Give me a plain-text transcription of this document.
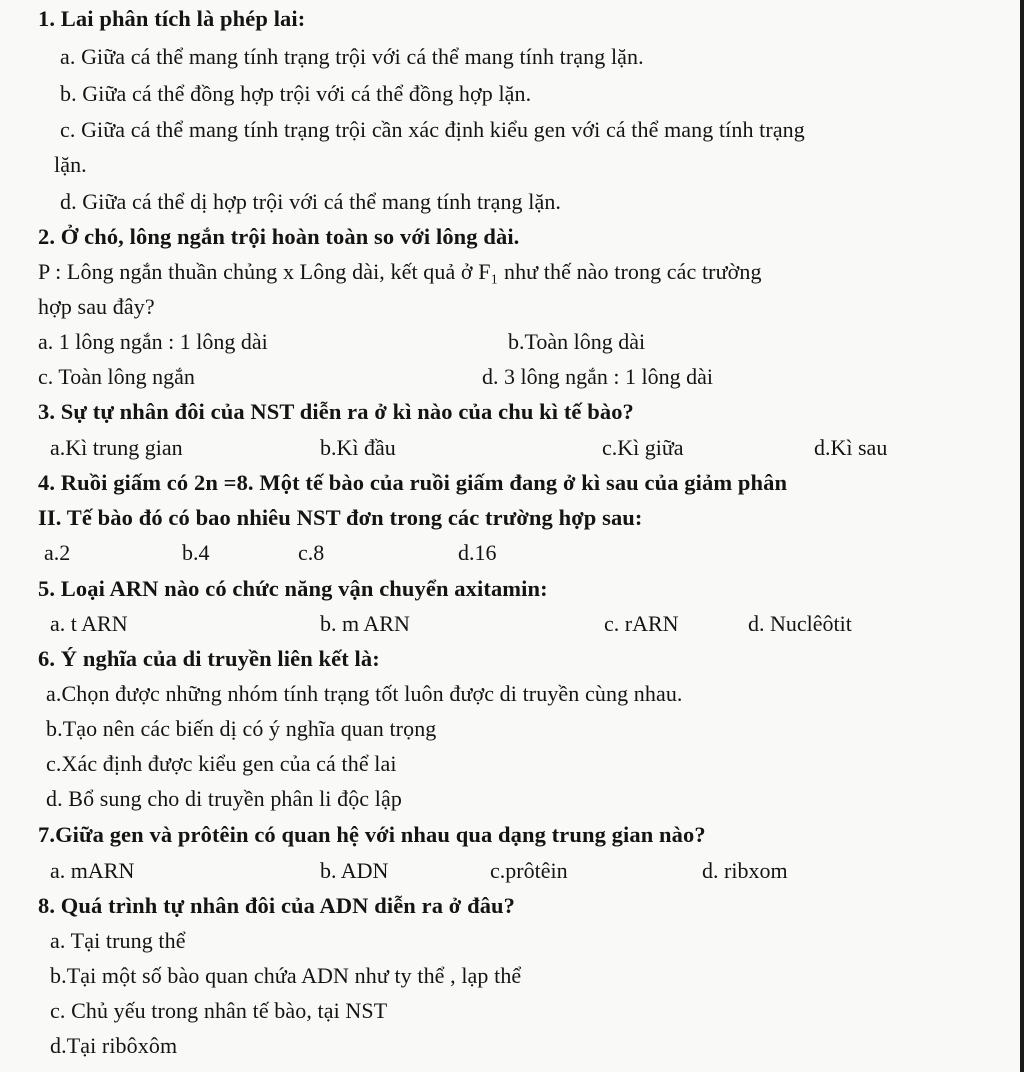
1. Lai phân tích là phép lai:
a. Giữa cá thể mang tính trạng trội với cá thể mang tính trạng lặn.
b. Giữa cá thể đồng hợp trội với cá thể đồng hợp lặn.
c. Giữa cá thể mang tính trạng trội cần xác định kiểu gen với cá thể mang tính trạng
lặn.
d. Giữa cá thể dị hợp trội với cá thể mang tính trạng lặn.
2. Ở chó, lông ngắn trội hoàn toàn so với lông dài.
P : Lông ngắn thuần chủng x Lông dài, kết quả ở F₁ như thế nào trong các trường
hợp sau đây?
a. 1 lông ngắn : 1 lông dài	b.Toàn lông dài
c. Toàn lông ngắn	d. 3 lông ngắn : 1 lông dài
3. Sự tự nhân đôi của NST diễn ra ở kì nào của chu kì tế bào?
a.Kì trung gian	b.Kì đầu	c.Kì giữa	d.Kì sau
4. Ruồi giấm có 2n =8. Một tế bào của ruồi giấm đang ở kì sau của giảm phân
II. Tế bào đó có bao nhiêu NST đơn trong các trường hợp sau:
a.2	b.4	c.8	d.16
5. Loại ARN nào có chức năng vận chuyển axitamin:
a. t ARN	b. m ARN	c. rARN	d. Nuclêôtit
6. Ý nghĩa của di truyền liên kết là:
a.Chọn được những nhóm tính trạng tốt luôn được di truyền cùng nhau.
b.Tạo nên các biến dị có ý nghĩa quan trọng
c.Xác định được kiểu gen của cá thể lai
d. Bổ sung cho di truyền phân li độc lập
7.Giữa gen và prôtêin có quan hệ với nhau qua dạng trung gian nào?
a. mARN	b. ADN	c.prôtêin	d. ribxom
8. Quá trình tự nhân đôi của ADN diễn ra ở đâu?
a. Tại trung thể
b.Tại một số bào quan chứa ADN như ty thể , lạp thể
c. Chủ yếu trong nhân tế bào, tại NST
d.Tại ribôxôm
